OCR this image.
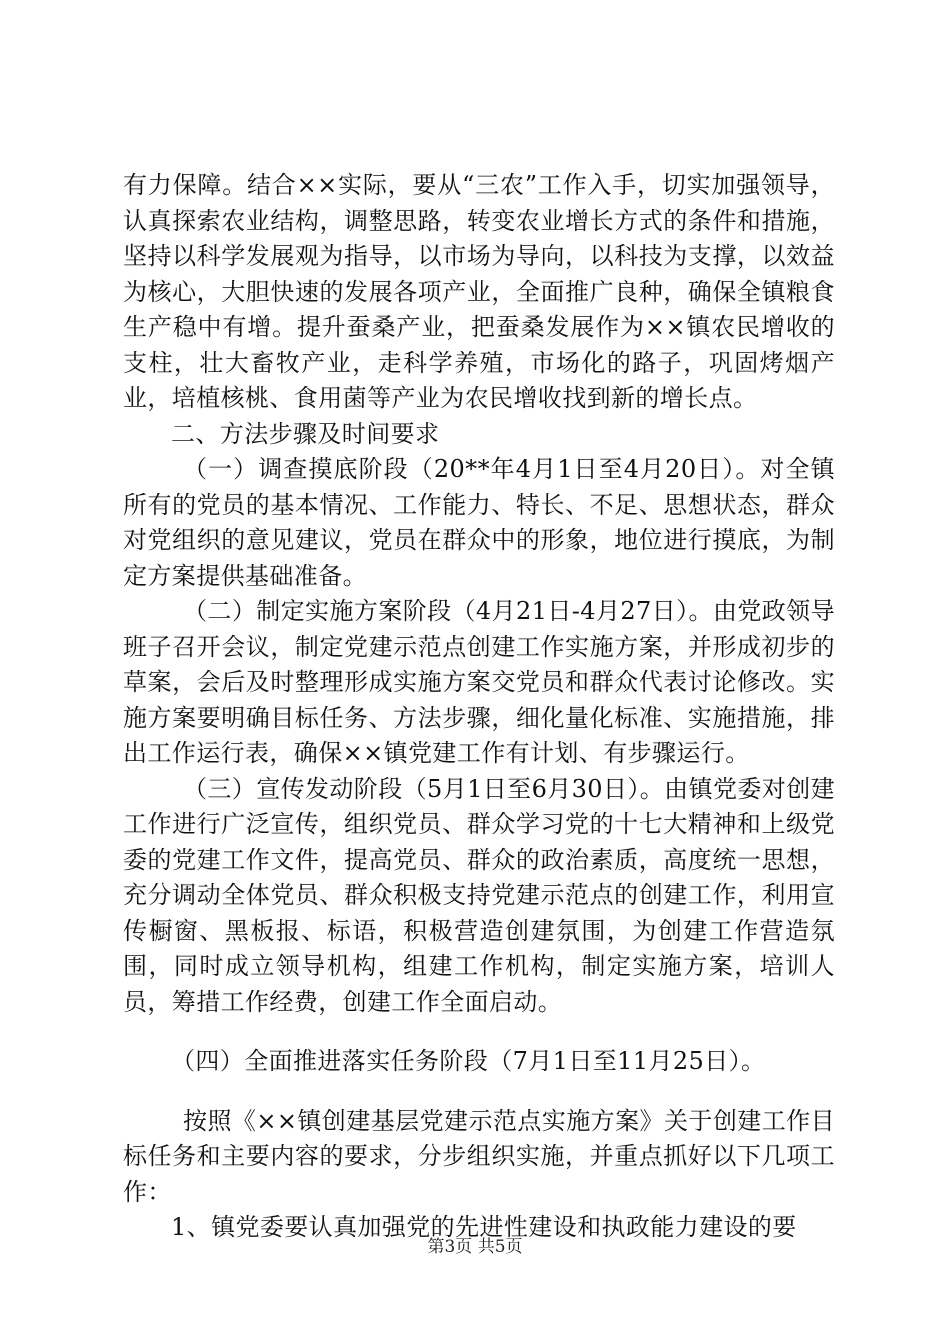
有力保障。结合××实际，要从“三农”工作入手，切实加强领导，认真探索农业结构，调整思路，转变农业增长方式的条件和措施，坚持以科学发展观为指导，以市场为导向，以科技为支撑，以效益为核心，大胆快速的发展各项产业，全面推广良种，确保全镇粮食生产稳中有增。提升蚕桑产业，把蚕桑发展作为××镇农民增收的支柱，壮大畜牧产业，走科学养殖，市场化的路子，巩固烤烟产业，培植核桃、食用菌等产业为农民增收找到新的增长点。

二、方法步骤及时间要求

（一）调查摸底阶段（20**年4月1日至4月20日）。对全镇所有的党员的基本情况、工作能力、特长、不足、思想状态，群众对党组织的意见建议，党员在群众中的形象，地位进行摸底，为制定方案提供基础准备。

（二）制定实施方案阶段（4月21日-4月27日）。由党政领导班子召开会议，制定党建示范点创建工作实施方案，并形成初步的草案，会后及时整理形成实施方案交党员和群众代表讨论修改。实施方案要明确目标任务、方法步骤，细化量化标准、实施措施，排出工作运行表，确保××镇党建工作有计划、有步骤运行。

（三）宣传发动阶段（5月1日至6月30日）。由镇党委对创建工作进行广泛宣传，组织党员、群众学习党的十七大精神和上级党委的党建工作文件，提高党员、群众的政治素质，高度统一思想，充分调动全体党员、群众积极支持党建示范点的创建工作，利用宣传橱窗、黑板报、标语，积极营造创建氛围，为创建工作营造氛围，同时成立领导机构，组建工作机构，制定实施方案，培训人员，筹措工作经费，创建工作全面启动。

（四）全面推进落实任务阶段（7月1日至11月25日）。

按照《××镇创建基层党建示范点实施方案》关于创建工作目标任务和主要内容的要求，分步组织实施，并重点抓好以下几项工作：

1、镇党委要认真加强党的先进性建设和执政能力建设的要

第3页 共5页
